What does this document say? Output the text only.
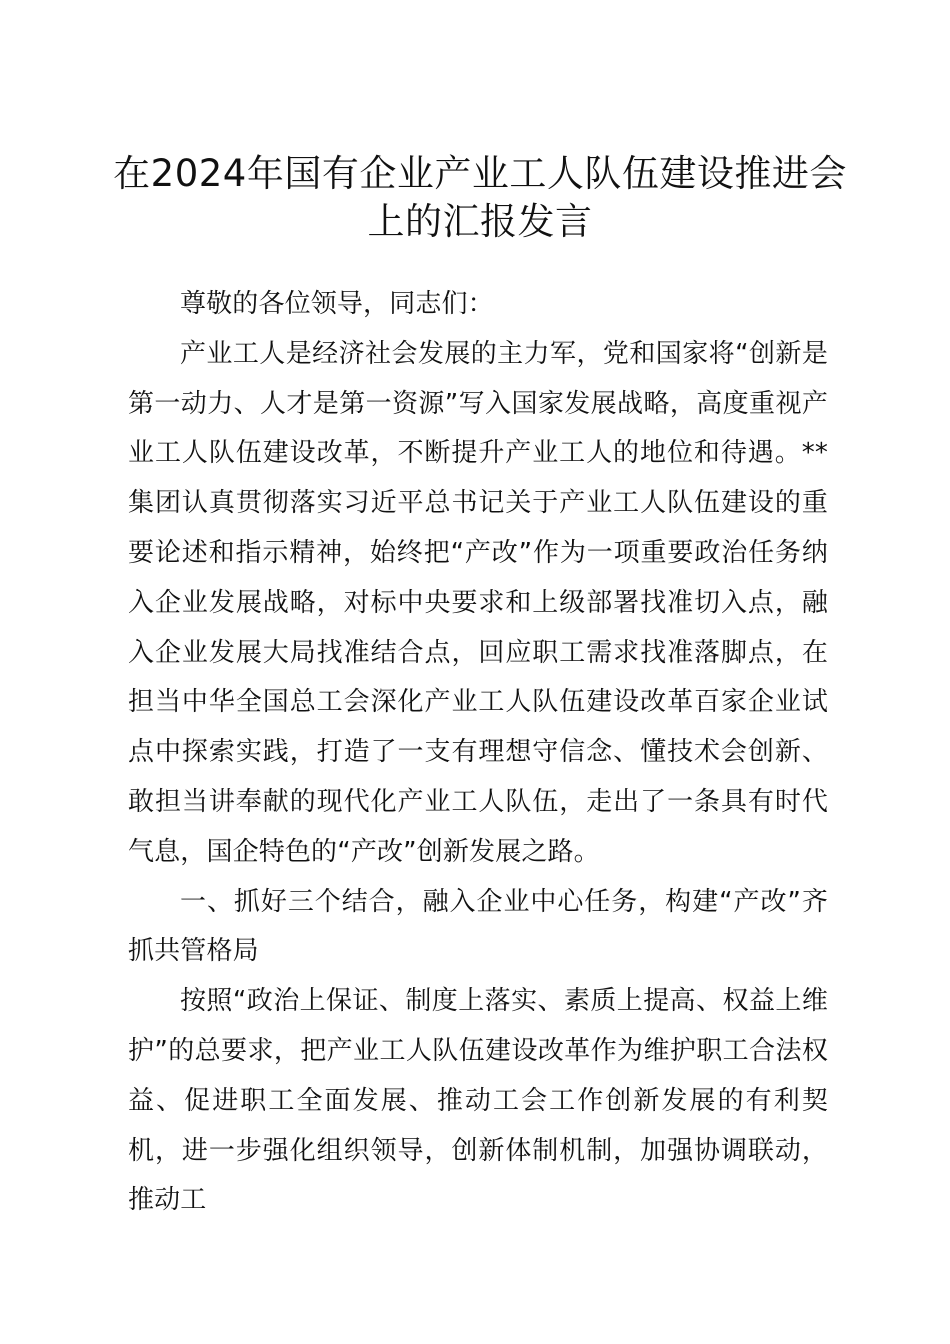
在2024年国有企业产业工人队伍建设推进会上的汇报发言

尊敬的各位领导，同志们：

产业工人是经济社会发展的主力军，党和国家将“创新是第一动力、人才是第一资源”写入国家发展战略，高度重视产业工人队伍建设改革，不断提升产业工人的地位和待遇。**集团认真贯彻落实习近平总书记关于产业工人队伍建设的重要论述和指示精神，始终把“产改”作为一项重要政治任务纳入企业发展战略，对标中央要求和上级部署找准切入点，融入企业发展大局找准结合点，回应职工需求找准落脚点，在担当中华全国总工会深化产业工人队伍建设改革百家企业试点中探索实践，打造了一支有理想守信念、懂技术会创新、敢担当讲奉献的现代化产业工人队伍，走出了一条具有时代气息，国企特色的“产改”创新发展之路。

一、抓好三个结合，融入企业中心任务，构建“产改”齐抓共管格局

按照“政治上保证、制度上落实、素质上提高、权益上维护”的总要求，把产业工人队伍建设改革作为维护职工合法权益、促进职工全面发展、推动工会工作创新发展的有利契机，进一步强化组织领导，创新体制机制，加强协调联动，推动工
